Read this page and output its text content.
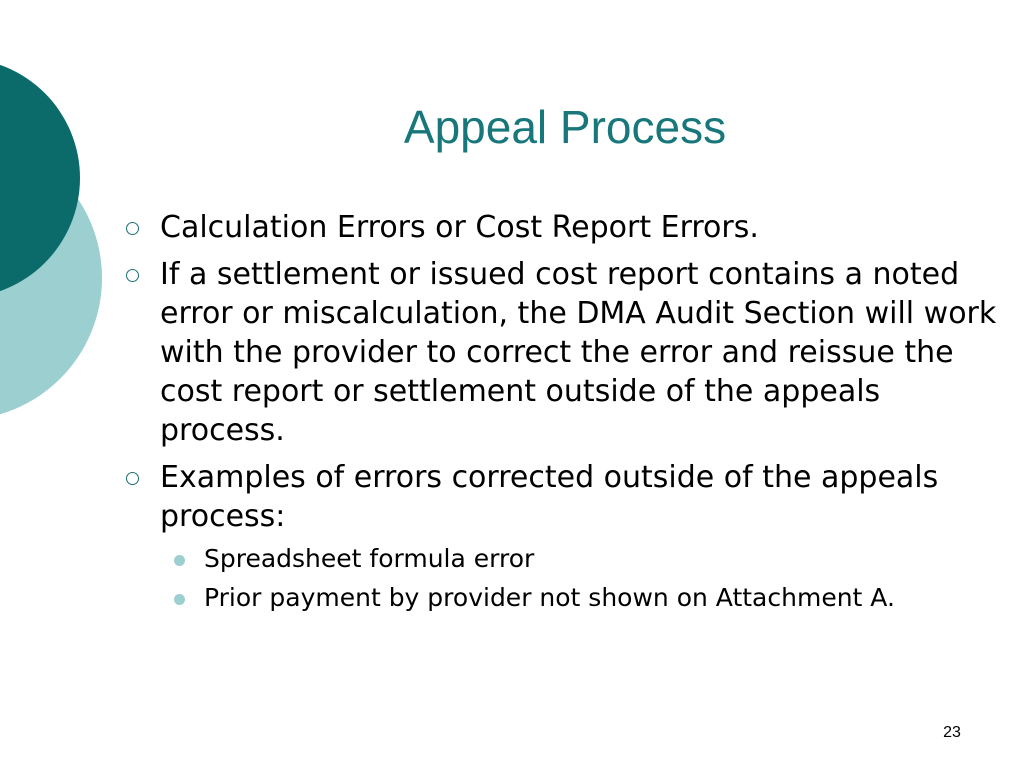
Appeal Process
Calculation Errors or Cost Report Errors.
If a settlement or issued cost report contains a noted error or miscalculation, the DMA Audit Section will work with the provider to correct the error and reissue the cost report or settlement outside of the appeals process.
Examples of errors corrected outside of the appeals process:
Spreadsheet formula error
Prior payment by provider not shown on Attachment A.
23
